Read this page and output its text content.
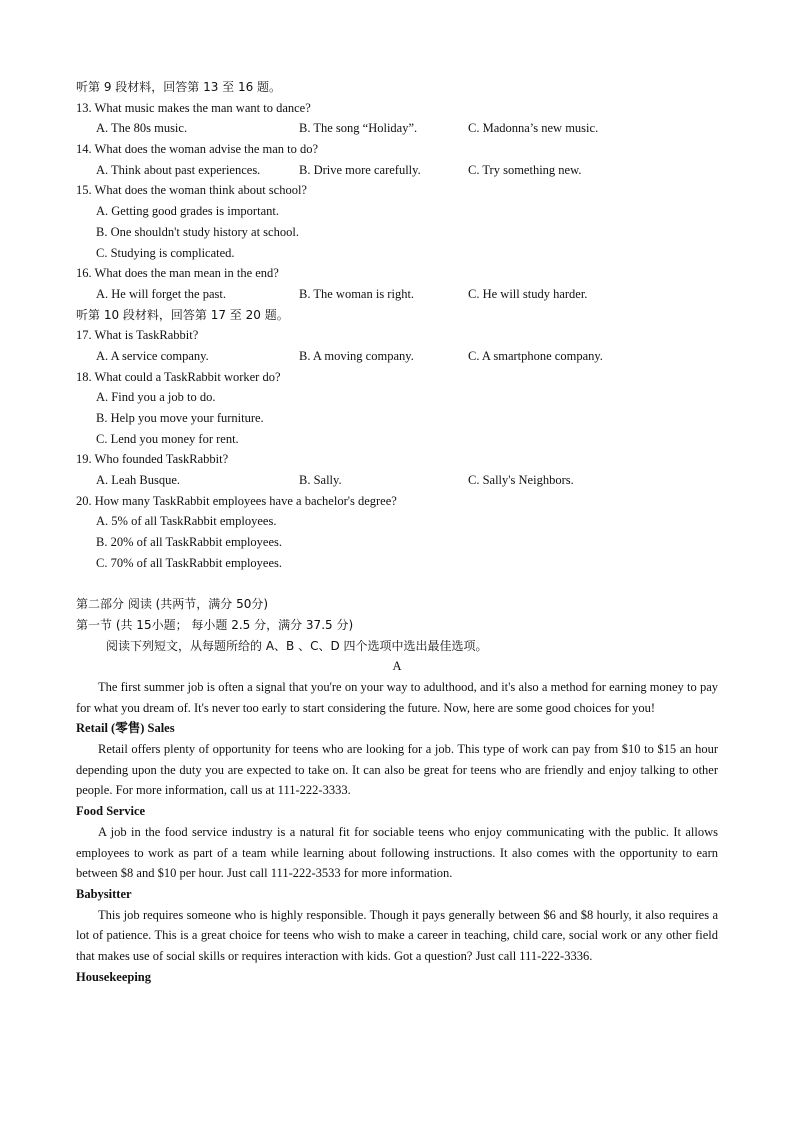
听第 9 段材料，回答第 13 至 16 题。
13. What music makes the man want to dance?
A. The 80s music.	B. The song “Holiday”.	C. Madonna’s new music.
14. What does the woman advise the man to do?
A. Think about past experiences.	B. Drive more carefully.	C. Try something new.
15. What does the woman think about school?
A. Getting good grades is important.
B. One shouldn't study history at school.
C. Studying is complicated.
16. What does the man mean in the end?
A. He will forget the past.	B. The woman is right.	C. He will study harder.
听第 10 段材料，回答第 17 至 20 题。
17. What is TaskRabbit?
A. A service company.	B. A moving company.	C. A smartphone company.
18. What could a TaskRabbit worker do?
A. Find you a job to do.
B. Help you move your furniture.
C. Lend you money for rent.
19. Who founded TaskRabbit?
A. Leah Busque.	B. Sally.	C. Sally's Neighbors.
20. How many TaskRabbit employees have a bachelor's degree?
A. 5% of all TaskRabbit employees.
B. 20% of all TaskRabbit employees.
C. 70% of all TaskRabbit employees.
第二部分 阅读 (共两节，满分 50分)
第一节 (共 15小题； 每小题 2.5 分，满分 37.5 分)
阅读下列短文，从每题所给的 A、B 、C、D 四个选项中选出最佳选项。
A

The first summer job is often a signal that you're on your way to adulthood, and it's also a method for earning money to pay for what you dream of. It's never too early to start considering the future. Now, here are some good choices for you!

Retail (零售) Sales

Retail offers plenty of opportunity for teens who are looking for a job. This type of work can pay from $10 to $15 an hour depending upon the duty you are expected to take on. It can also be great for teens who are friendly and enjoy talking to other people. For more information, call us at 111-222-3333.

Food Service

A job in the food service industry is a natural fit for sociable teens who enjoy communicating with the public. It allows employees to work as part of a team while learning about following instructions. It also comes with the opportunity to earn between $8 and $10 per hour. Just call 111-222-3533 for more information.

Babysitter

This job requires someone who is highly responsible. Though it pays generally between $6 and $8 hourly, it also requires a lot of patience. This is a great choice for teens who wish to make a career in teaching, child care, social work or any other field that makes use of social skills or requires interaction with kids. Got a question? Just call 111-222-3336.

Housekeeping
